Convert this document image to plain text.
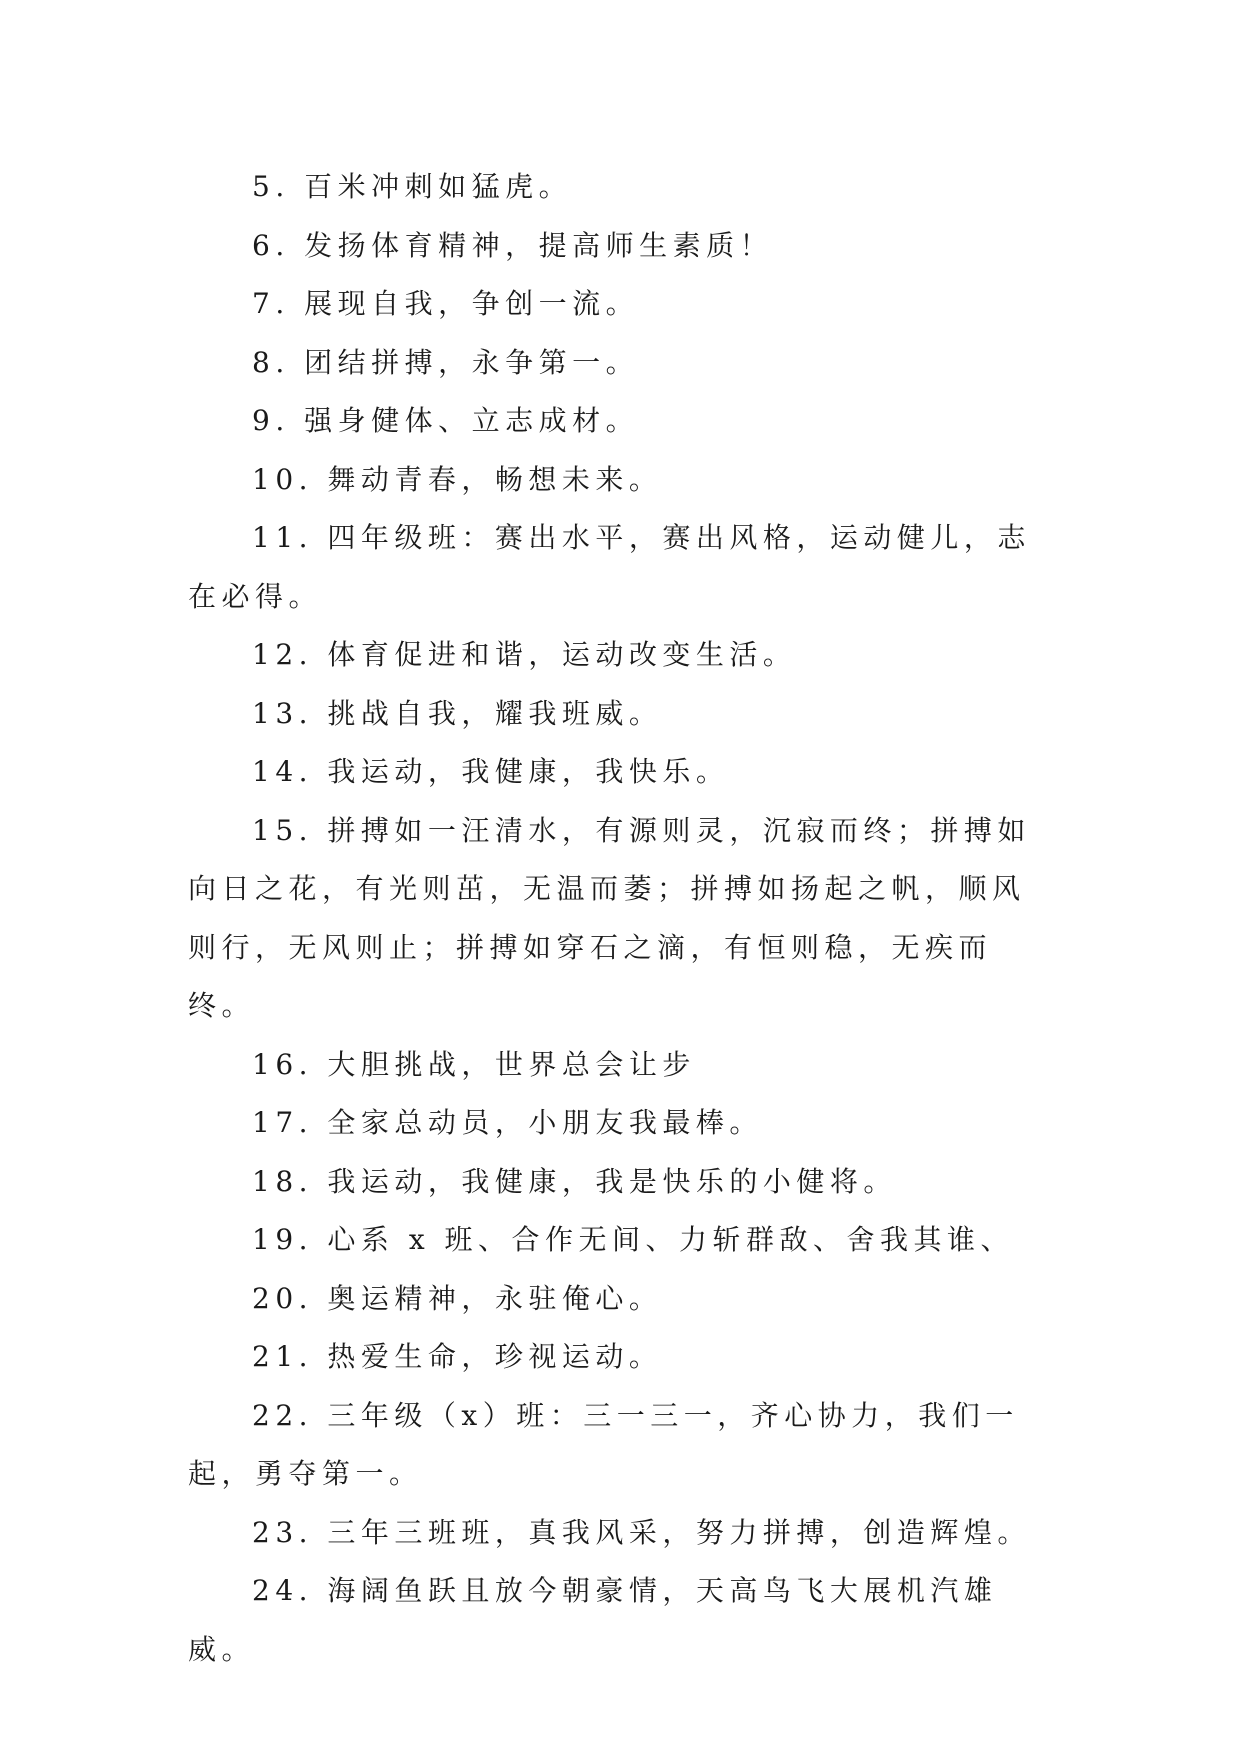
5. 百米冲刺如猛虎。

6. 发扬体育精神，提高师生素质！

7. 展现自我，争创一流。

8. 团结拼搏，永争第一。

9. 强身健体、立志成材。

10. 舞动青春，畅想未来。

11. 四年级班：赛出水平，赛出风格，运动健儿，志在必得。

12. 体育促进和谐，运动改变生活。

13. 挑战自我，耀我班威。

14. 我运动，我健康，我快乐。

15. 拼搏如一汪清水，有源则灵，沉寂而终；拼搏如向日之花，有光则茁，无温而萎；拼搏如扬起之帆，顺风则行，无风则止；拼搏如穿石之滴，有恒则稳，无疾而终。

16. 大胆挑战，世界总会让步

17. 全家总动员，小朋友我最棒。

18. 我运动，我健康，我是快乐的小健将。

19. 心系 x 班、合作无间、力斩群敌、舍我其谁、

20. 奥运精神，永驻俺心。

21. 热爱生命，珍视运动。

22. 三年级（x）班：三一三一，齐心协力，我们一起，勇夺第一。

23. 三年三班班，真我风采，努力拼搏，创造辉煌。

24. 海阔鱼跃且放今朝豪情，天高鸟飞大展机汽雄威。
